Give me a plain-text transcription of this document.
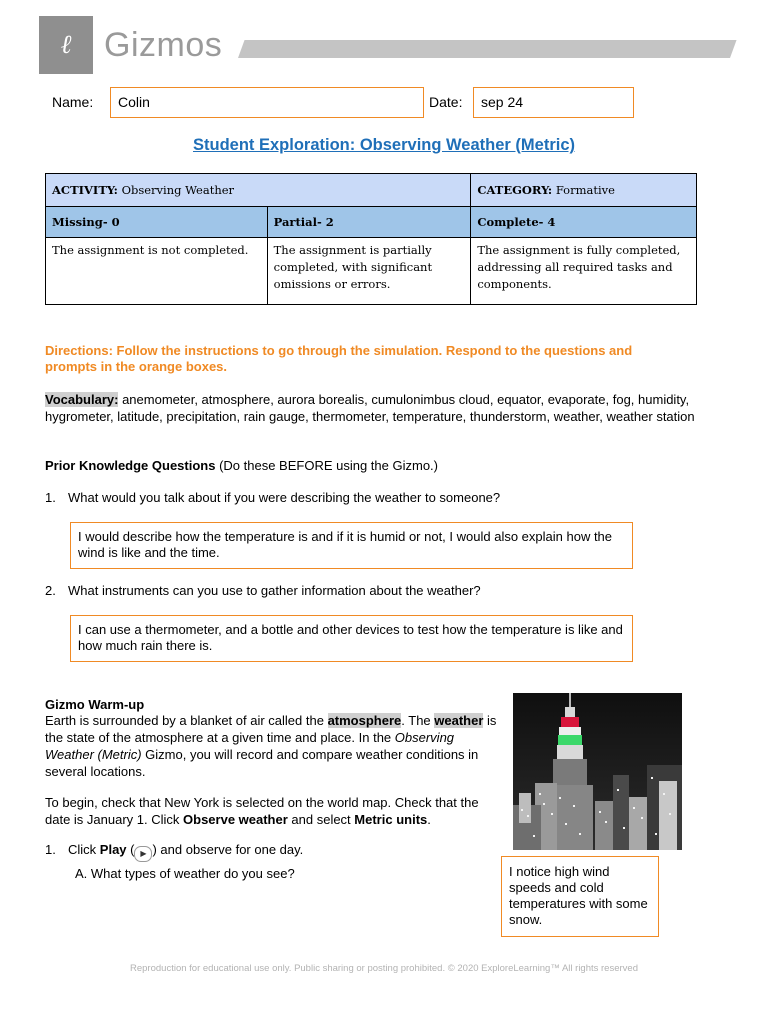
ℓ Gizmos
Name:	Colin	Date:	sep 24
Student Exploration: Observing Weather (Metric)
ACTIVITY: Observing Weather		CATEGORY: Formative
Missing- 0	Partial- 2	Complete- 4
The assignment is not completed.	The assignment is partially completed, with significant omissions or errors.	The assignment is fully completed, addressing all required tasks and components.
Directions: Follow the instructions to go through the simulation. Respond to the questions and prompts in the orange boxes.
Vocabulary: anemometer, atmosphere, aurora borealis, cumulonimbus cloud, equator, evaporate, fog, humidity, hygrometer, latitude, precipitation, rain gauge, thermometer, temperature, thunderstorm, weather, weather station
Prior Knowledge Questions (Do these BEFORE using the Gizmo.)
1. What would you talk about if you were describing the weather to someone?
I would describe how the temperature is and if it is humid or not, I would also explain how the wind is like and the time.
2. What instruments can you use to gather information about the weather?
I can use a thermometer, and a bottle and other devices to test how the temperature is like and how much rain there is.
Gizmo Warm-up
Earth is surrounded by a blanket of air called the atmosphere. The weather is the state of the atmosphere at a given time and place. In the Observing Weather (Metric) Gizmo, you will record and compare weather conditions in several locations.
To begin, check that New York is selected on the world map. Check that the date is January 1. Click Observe weather and select Metric units.
1. Click Play ( ▶ ) and observe for one day.
A. What types of weather do you see?	I notice high wind speeds and cold temperatures with some snow.
Reproduction for educational use only. Public sharing or posting prohibited. © 2020 ExploreLearning™ All rights reserved
